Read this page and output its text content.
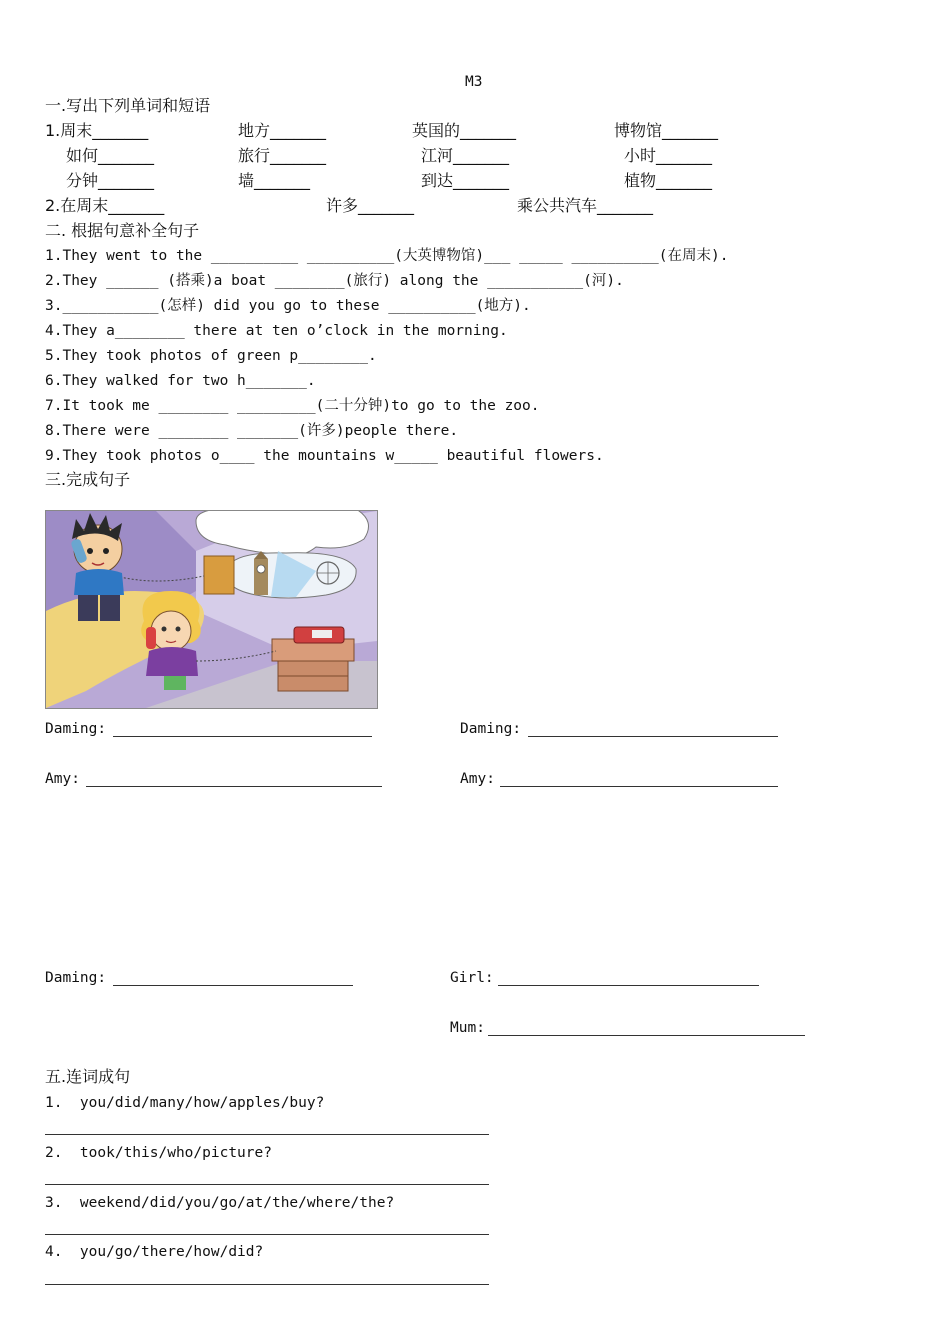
M3
一.写出下列单词和短语
1.周末_______	地方_______	英国的_______	博物馆_______
如何_______	旅行_______	江河_______	小时_______
分钟_______	墙_______	到达_______	植物_______
2.在周末_______	许多_______	乘公共汽车_______
二. 根据句意补全句子
1.They went to the __________ __________(大英博物馆)___ _____ __________(在周末).
2.They ______ (搭乘)a boat ________(旅行) along the ___________(河).
3.___________(怎样) did you go to these __________(地方).
4.They a________ there at ten o’clock in the morning.
5.They took photos of green p________.
6.They walked for two h_______.
7.It took me ________ _________(二十分钟)to go to the zoo.
8.There were ________ _______(许多)people there.
9.They took photos o____ the mountains w_____ beautiful flowers.
三.完成句子
Daming:	Daming:
Amy:	Amy:
Daming:	Girl:
Mum:
五.连词成句
1.  you/did/many/how/apples/buy?
2.  took/this/who/picture?
3.  weekend/did/you/go/at/the/where/the?
4.  you/go/there/how/did?
